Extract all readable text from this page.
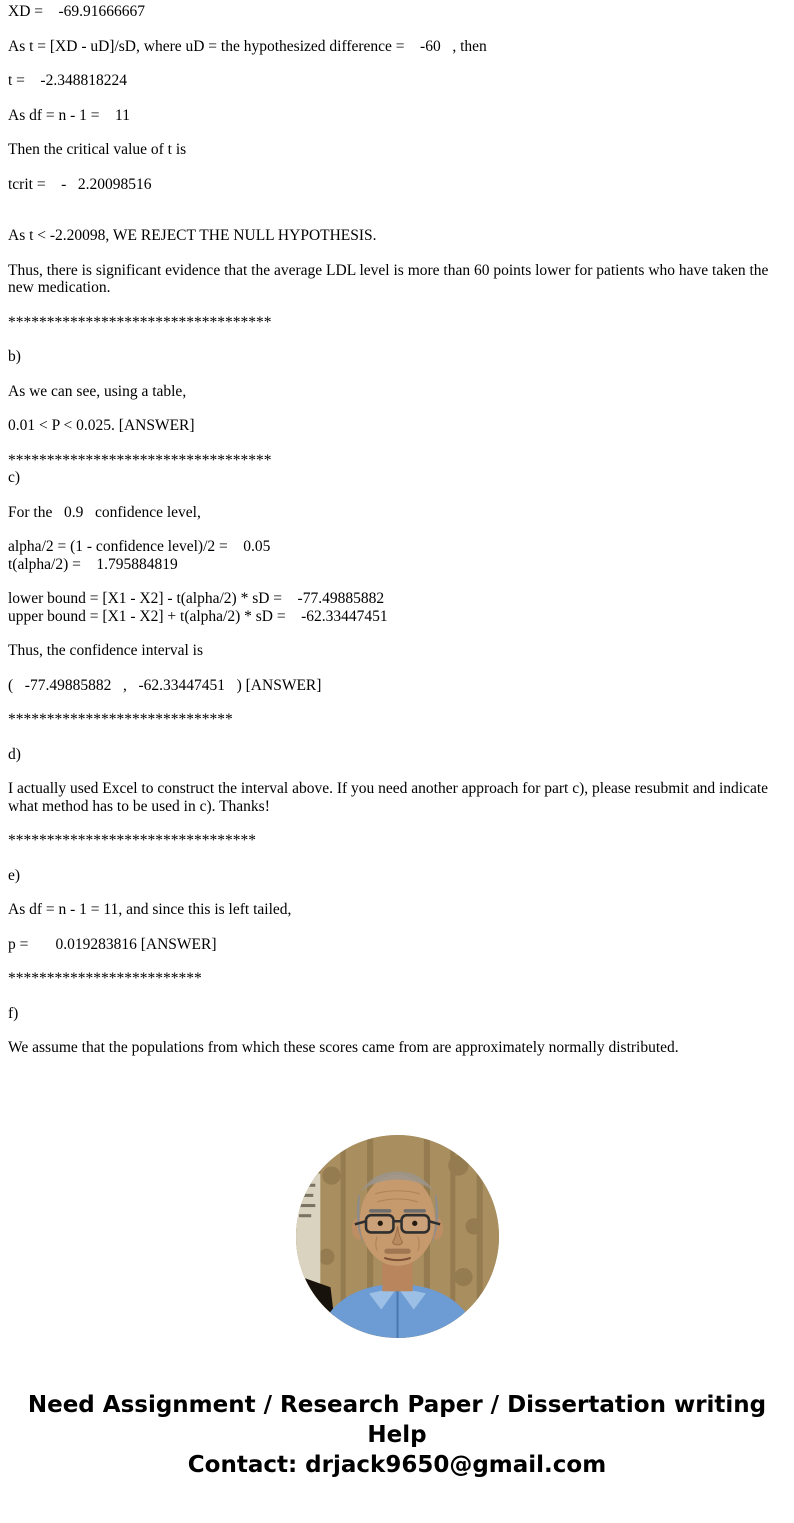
XD =    -69.91666667

As t = [XD - uD]/sD, where uD = the hypothesized difference =    -60   , then

t =    -2.348818224

As df = n - 1 =    11

Then the critical value of t is

tcrit =    -   2.20098516

As t < -2.20098, WE REJECT THE NULL HYPOTHESIS.

Thus, there is significant evidence that the average LDL level is more than 60 points lower for patients who have taken the new medication.

**********************************

b)

As we can see, using a table,

0.01 < P < 0.025. [ANSWER]

**********************************
c)

For the   0.9   confidence level,

alpha/2 = (1 - confidence level)/2 =    0.05
t(alpha/2) =    1.795884819

lower bound = [X1 - X2] - t(alpha/2) * sD =    -77.49885882
upper bound = [X1 - X2] + t(alpha/2) * sD =    -62.33447451

Thus, the confidence interval is

(   -77.49885882   ,   -62.33447451   ) [ANSWER]

*****************************

d)

I actually used Excel to construct the interval above. If you need another approach for part c), please resubmit and indicate what method has to be used in c). Thanks!

********************************

e)

As df = n - 1 = 11, and since this is left tailed,

p =       0.019283816 [ANSWER]

*************************

f)

We assume that the populations from which these scores came from are approximately normally distributed.

Need Assignment / Research Paper / Dissertation writing Help
Contact: drjack9650@gmail.com
